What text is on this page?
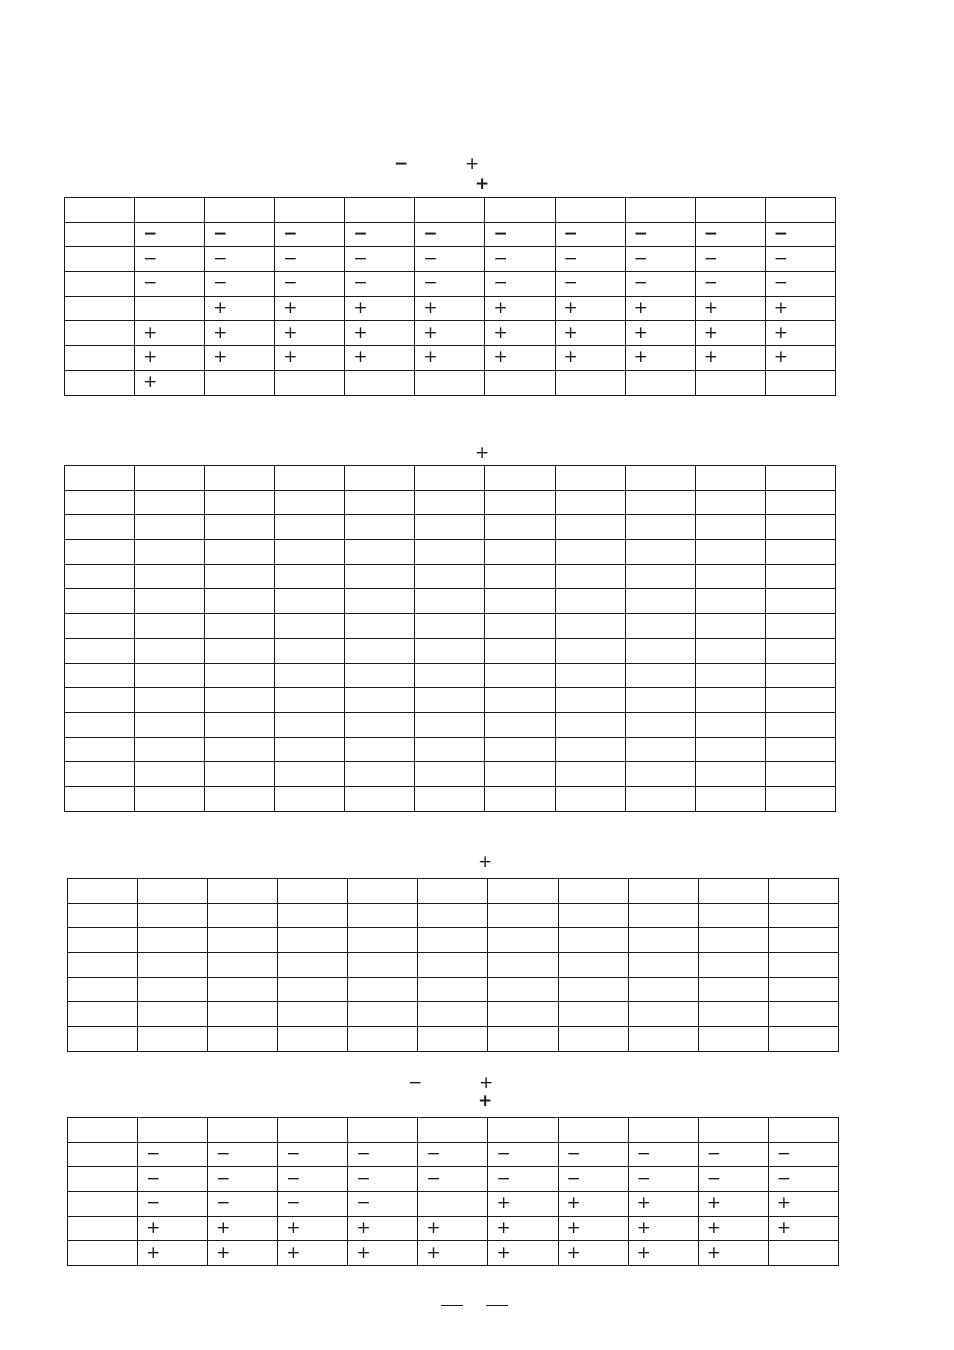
−	+
+

	−	−	−	−	−	−	−	−	−	−
	−	−	−	−	−	−	−	−	−	−
	−	−	−	−	−	−	−	−	−	−
		+	+	+	+	+	+	+	+	+
	+	+	+	+	+	+	+	+	+	+
	+	+	+	+	+	+	+	+	+	+
	+									
+

+

−	+
+

	−	−	−	−	−	−	−	−	−	−
	−	−	−	−	−	−	−	−	−	−
	−	−	−	−		+	+	+	+	+
	+	+	+	+	+	+	+	+	+	+
	+	+	+	+	+	+	+	+	+	
